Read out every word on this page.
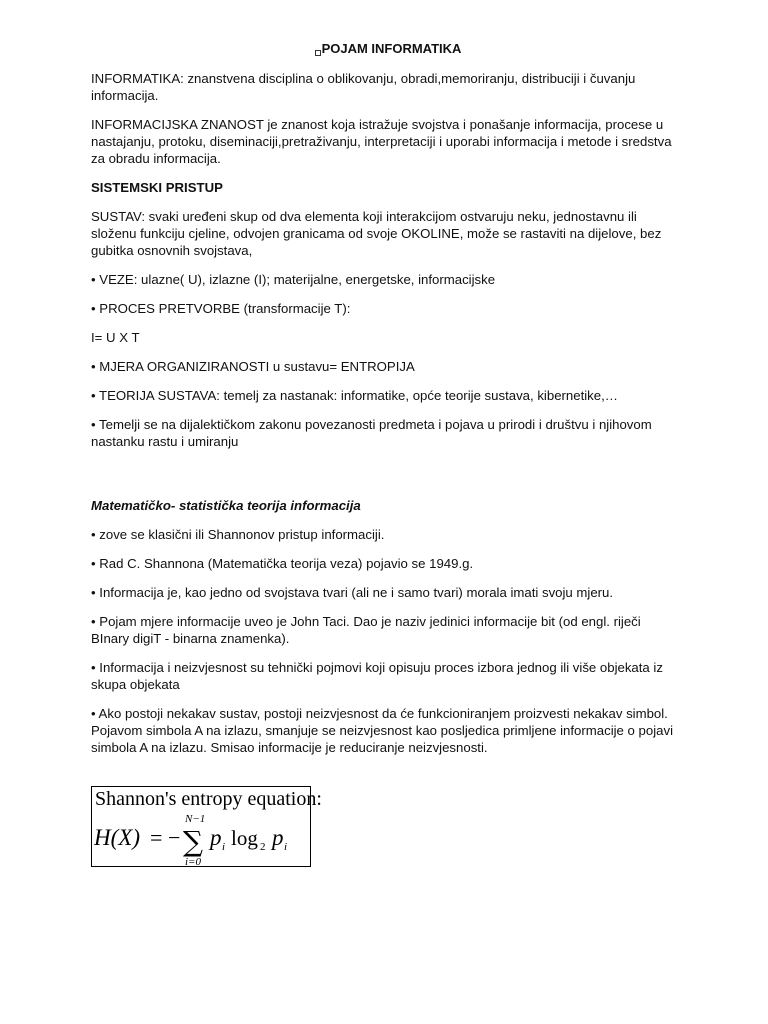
POJAM INFORMATIKA

INFORMATIKA: znanstvena disciplina o oblikovanju, obradi,memoriranju, distribuciji i čuvanju informacija.

INFORMACIJSKA ZNANOST je znanost koja istražuje svojstva i ponašanje informacija, procese u nastajanju, protoku, diseminaciji,pretraživanju, interpretaciji i uporabi informacija i metode i sredstva za obradu informacija.

SISTEMSKI PRISTUP

SUSTAV: svaki uređeni skup od dva elementa koji interakcijom ostvaruju neku, jednostavnu ili složenu funkciju cjeline, odvojen granicama od svoje OKOLINE, može se rastaviti na dijelove, bez gubitka osnovnih svojstava,

• VEZE: ulazne( U), izlazne (I); materijalne, energetske, informacijske

• PROCES PRETVORBE (transformacije T):

I= U X T

• MJERA ORGANIZIRANOSTI u sustavu= ENTROPIJA

• TEORIJA SUSTAVA: temelj za nastanak: informatike, opće teorije sustava, kibernetike,…

• Temelji se na dijalektičkom zakonu povezanosti predmeta i pojava u prirodi i društvu i njihovom nastanku rastu i umiranju

Matematičko- statistička teorija informacija

• zove se klasični ili Shannonov pristup informaciji.

• Rad C. Shannona (Matematička teorija veza) pojavio se 1949.g.

• Informacija je, kao jedno od svojstava tvari (ali ne i samo tvari) morala imati svoju mjeru.

• Pojam mjere informacije uveo je John Taci. Dao je naziv jedinici informacije bit (od engl. riječi BInary digiT - binarna znamenka).

• Informacija i neizvjesnost su tehnički pojmovi koji opisuju proces izbora jednog ili više objekata iz skupa objekata

• Ako postoji nekakav sustav, postoji neizvjesnost da će funkcioniranjem proizvesti nekakav simbol. Pojavom simbola A na izlazu, smanjuje se neizvjesnost kao posljedica primljene informacije o pojavi simbola A na izlazu. Smisao informacije je reduciranje neizvjesnosti.

Shannon's entropy equation:
H(X) = −
N−1
∑
i=0
p i log 2 p i
